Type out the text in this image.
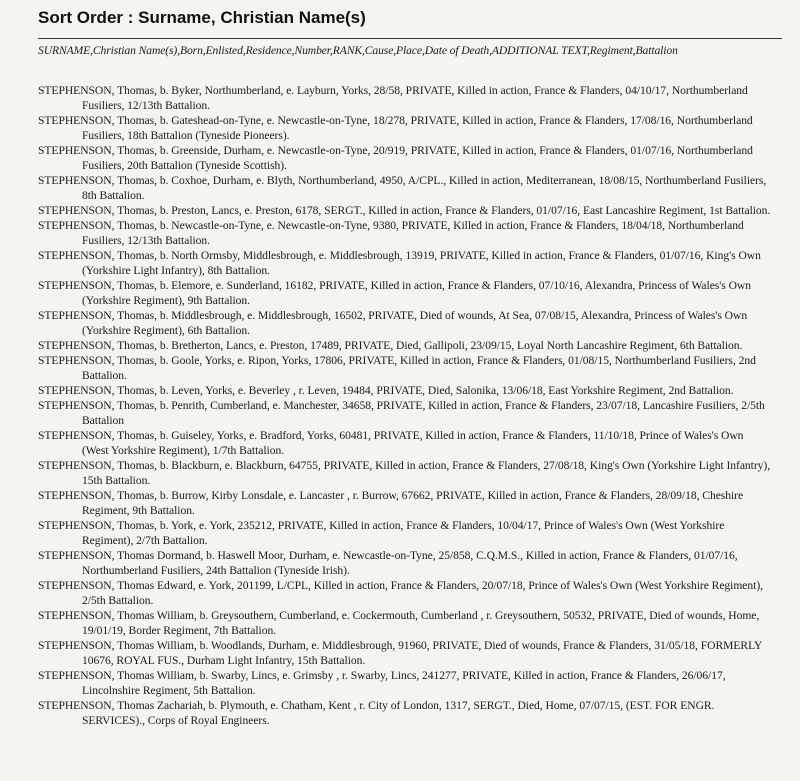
Sort Order : Surname, Christian Name(s)
SURNAME,Christian Name(s),Born,Enlisted,Residence,Number,RANK,Cause,Place,Date of Death,ADDITIONAL TEXT,Regiment,Battalion

STEPHENSON, Thomas, b. Byker, Northumberland, e. Layburn, Yorks, 28/58, PRIVATE, Killed in action, France & Flanders, 04/10/17, Northumberland Fusiliers, 12/13th Battalion.

STEPHENSON, Thomas, b. Gateshead-on-Tyne, e. Newcastle-on-Tyne, 18/278, PRIVATE, Killed in action, France & Flanders, 17/08/16, Northumberland Fusiliers, 18th Battalion (Tyneside Pioneers).

STEPHENSON, Thomas, b. Greenside, Durham, e. Newcastle-on-Tyne, 20/919, PRIVATE, Killed in action, France & Flanders, 01/07/16, Northumberland Fusiliers, 20th Battalion (Tyneside Scottish).

STEPHENSON, Thomas, b. Coxhoe, Durham, e. Blyth, Northumberland, 4950, A/CPL., Killed in action, Mediterranean, 18/08/15, Northumberland Fusiliers, 8th Battalion.

STEPHENSON, Thomas, b. Preston, Lancs, e. Preston, 6178, SERGT., Killed in action, France & Flanders, 01/07/16, East Lancashire Regiment, 1st Battalion.

STEPHENSON, Thomas, b. Newcastle-on-Tyne, e. Newcastle-on-Tyne, 9380, PRIVATE, Killed in action, France & Flanders, 18/04/18, Northumberland Fusiliers, 12/13th Battalion.

STEPHENSON, Thomas, b. North Ormsby, Middlesbrough, e. Middlesbrough, 13919, PRIVATE, Killed in action, France & Flanders, 01/07/16, King's Own (Yorkshire Light Infantry), 8th Battalion.

STEPHENSON, Thomas, b. Elemore, e. Sunderland, 16182, PRIVATE, Killed in action, France & Flanders, 07/10/16, Alexandra, Princess of Wales's Own (Yorkshire Regiment), 9th Battalion.

STEPHENSON, Thomas, b. Middlesbrough, e. Middlesbrough, 16502, PRIVATE, Died of wounds, At Sea, 07/08/15, Alexandra, Princess of Wales's Own (Yorkshire Regiment), 6th Battalion.

STEPHENSON, Thomas, b. Bretherton, Lancs, e. Preston, 17489, PRIVATE, Died, Gallipoli, 23/09/15, Loyal North Lancashire Regiment, 6th Battalion.

STEPHENSON, Thomas, b. Goole, Yorks, e. Ripon, Yorks, 17806, PRIVATE, Killed in action, France & Flanders, 01/08/15, Northumberland Fusiliers, 2nd Battalion.

STEPHENSON, Thomas, b. Leven, Yorks, e. Beverley , r. Leven, 19484, PRIVATE, Died, Salonika, 13/06/18, East Yorkshire Regiment, 2nd Battalion.

STEPHENSON, Thomas, b. Penrith, Cumberland, e. Manchester, 34658, PRIVATE, Killed in action, France & Flanders, 23/07/18, Lancashire Fusiliers, 2/5th Battalion

STEPHENSON, Thomas, b. Guiseley, Yorks, e. Bradford, Yorks, 60481, PRIVATE, Killed in action, France & Flanders, 11/10/18, Prince of Wales's Own (West Yorkshire Regiment), 1/7th Battalion.

STEPHENSON, Thomas, b. Blackburn, e. Blackburn, 64755, PRIVATE, Killed in action, France & Flanders, 27/08/18, King's Own (Yorkshire Light Infantry), 15th Battalion.

STEPHENSON, Thomas, b. Burrow, Kirby Lonsdale, e. Lancaster , r. Burrow, 67662, PRIVATE, Killed in action, France & Flanders, 28/09/18, Cheshire Regiment, 9th Battalion.

STEPHENSON, Thomas, b. York, e. York, 235212, PRIVATE, Killed in action, France & Flanders, 10/04/17, Prince of Wales's Own (West Yorkshire Regiment), 2/7th Battalion.

STEPHENSON, Thomas Dormand, b. Haswell Moor, Durham, e. Newcastle-on-Tyne, 25/858, C.Q.M.S., Killed in action, France & Flanders, 01/07/16, Northumberland Fusiliers, 24th Battalion (Tyneside Irish).

STEPHENSON, Thomas Edward, e. York, 201199, L/CPL, Killed in action, France & Flanders, 20/07/18, Prince of Wales's Own (West Yorkshire Regiment), 2/5th Battalion.

STEPHENSON, Thomas William, b. Greysouthern, Cumberland, e. Cockermouth, Cumberland , r. Greysouthern, 50532, PRIVATE, Died of wounds, Home, 19/01/19, Border Regiment, 7th Battalion.

STEPHENSON, Thomas William, b. Woodlands, Durham, e. Middlesbrough, 91960, PRIVATE, Died of wounds, France & Flanders, 31/05/18, FORMERLY 10676, ROYAL FUS., Durham Light Infantry, 15th Battalion.

STEPHENSON, Thomas William, b. Swarby, Lincs, e. Grimsby , r. Swarby, Lincs, 241277, PRIVATE, Killed in action, France & Flanders, 26/06/17, Lincolnshire Regiment, 5th Battalion.

STEPHENSON, Thomas Zachariah, b. Plymouth, e. Chatham, Kent , r. City of London, 1317, SERGT., Died, Home, 07/07/15, (EST. FOR ENGR. SERVICES)., Corps of Royal Engineers.
